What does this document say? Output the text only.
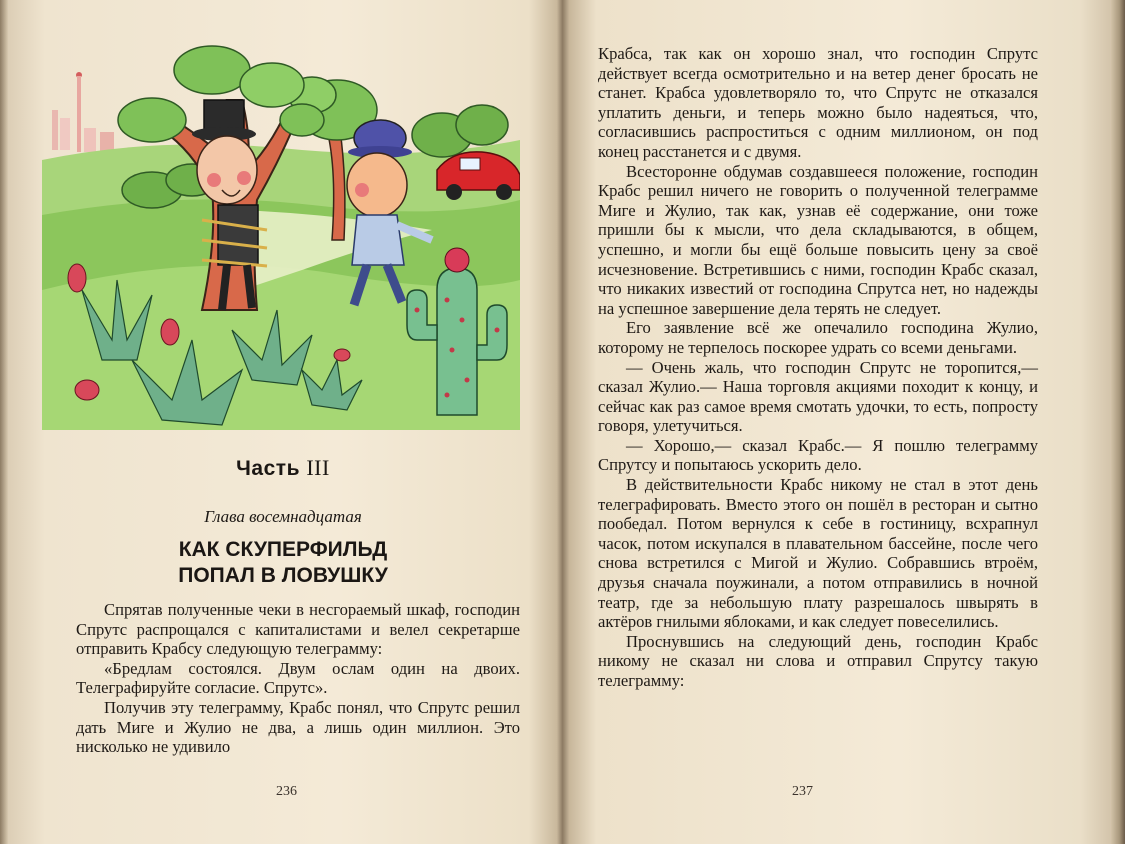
Часть III
Глава восемнадцатая
КАК СКУПЕРФИЛЬД
ПОПАЛ В ЛОВУШКУ

Спрятав полученные чеки в несгораемый шкаф, господин Спрутс распрощался с капиталистами и велел секретарше отправить Крабсу следующую телеграмму:

«Бредлам состоялся. Двум ослам один на двоих. Телеграфируйте согласие. Спрутс».

Получив эту телеграмму, Крабс понял, что Спрутс решил дать Миге и Жулио не два, а лишь один миллион. Это нисколько не удивило

236

Крабса, так как он хорошо знал, что господин Спрутс действует всегда осмотрительно и на ветер денег бросать не станет. Крабса удовлетворяло то, что Спрутс не отказался уплатить деньги, и теперь можно было надеяться, что, согласившись распроститься с одним миллионом, он под конец расстанется и с двумя.

Всесторонне обдумав создавшееся положение, господин Крабс решил ничего не говорить о полученной телеграмме Миге и Жулио, так как, узнав её содержание, они тоже пришли бы к мысли, что дела складываются, в общем, успешно, и могли бы ещё больше повысить цену за своё исчезновение. Встретившись с ними, господин Крабс сказал, что никаких известий от господина Спрутса нет, но надежды на успешное завершение дела терять не следует.

Его заявление всё же опечалило господина Жулио, которому не терпелось поскорее удрать со всеми деньгами.

— Очень жаль, что господин Спрутс не торопится,— сказал Жулио.— Наша торговля акциями походит к концу, и сейчас как раз самое время смотать удочки, то есть, попросту говоря, улетучиться.

— Хорошо,— сказал Крабс.— Я пошлю телеграмму Спрутсу и попытаюсь ускорить дело.

В действительности Крабс никому не стал в этот день телеграфировать. Вместо этого он пошёл в ресторан и сытно пообедал. Потом вернулся к себе в гостиницу, всхрапнул часок, потом искупался в плавательном бассейне, после чего снова встретился с Мигой и Жулио. Собравшись втроём, друзья сначала поужинали, а потом отправились в ночной театр, где за небольшую плату разрешалось швырять в актёров гнилыми яблоками, и как следует повеселились.

Проснувшись на следующий день, господин Крабс никому не сказал ни слова и отправил Спрутсу такую телеграмму:

237
